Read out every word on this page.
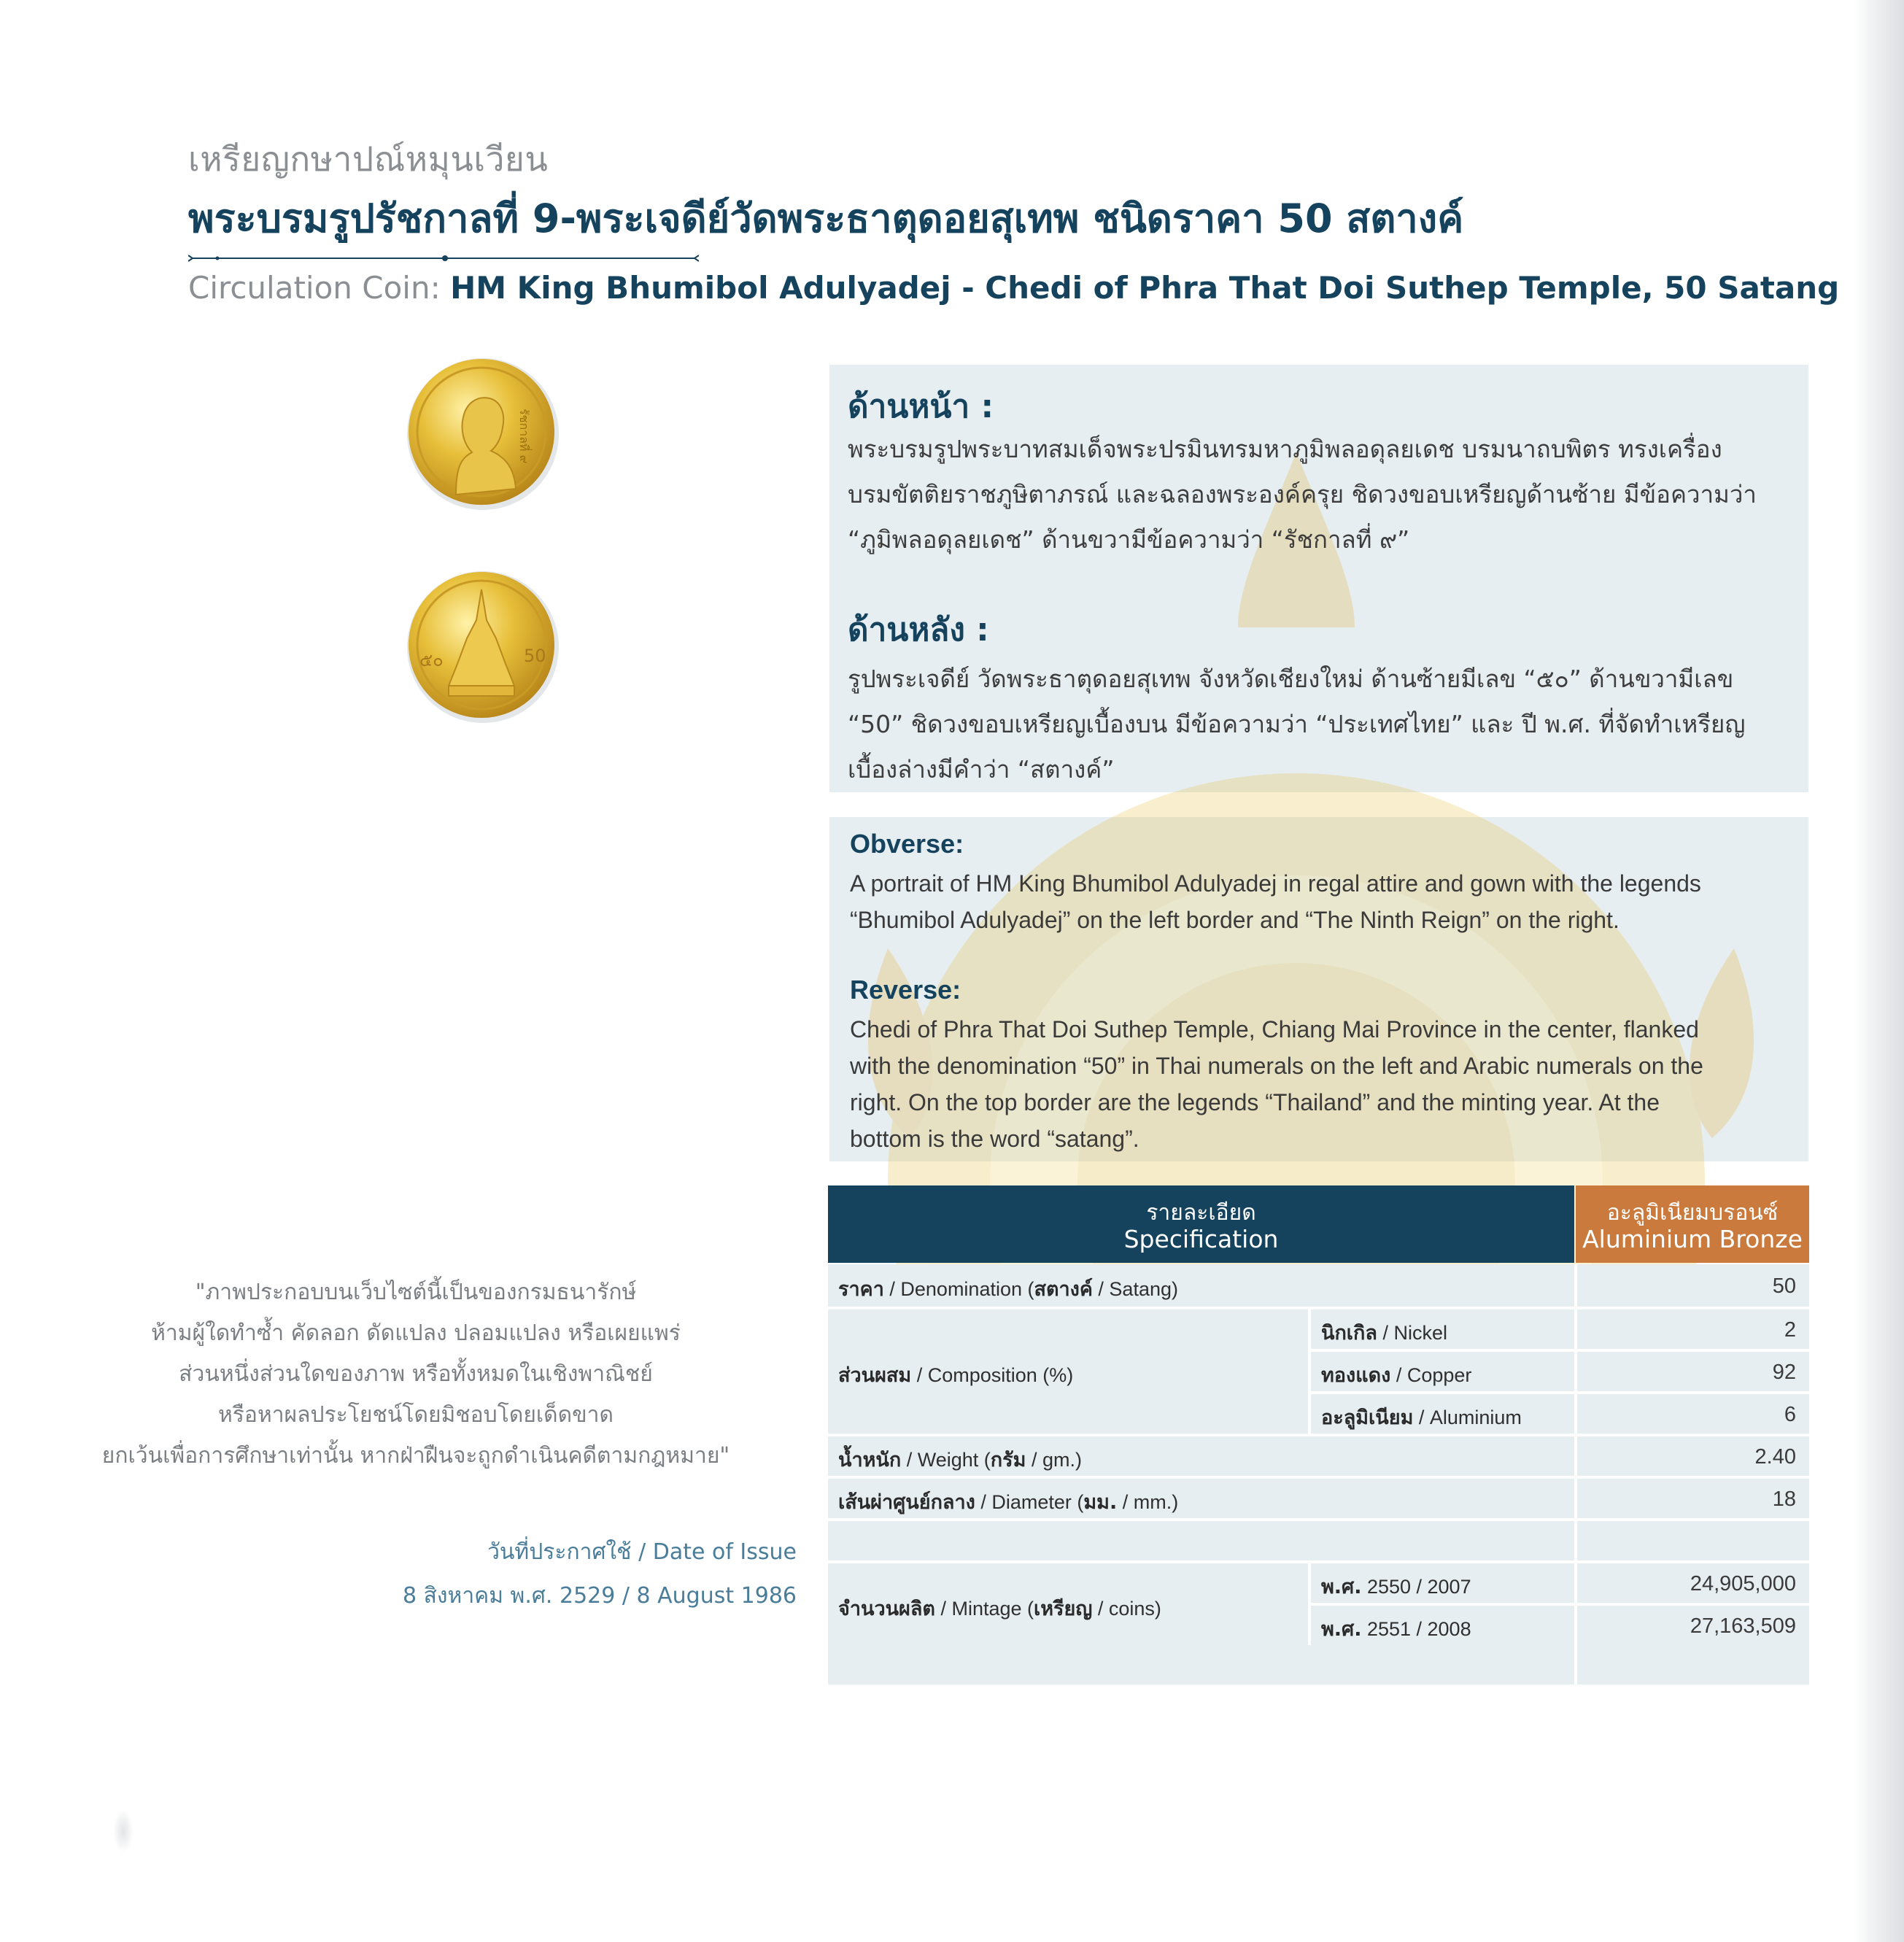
เหรียญกษาปณ์หมุนเวียน
พระบรมรูปรัชกาลที่ 9-พระเจดีย์วัดพระธาตุดอยสุเทพ ชนิดราคา 50 สตางค์
Circulation Coin: HM King Bhumibol Adulyadej - Chedi of Phra That Doi Suthep Temple, 50 Satang
รัชกาลที่ ๙
๕๐	50
ด้านหน้า :
พระบรมรูปพระบาทสมเด็จพระปรมินทรมหาภูมิพลอดุลยเดช บรมนาถบพิตร ทรงเครื่อง
บรมขัตติยราชภูษิตาภรณ์ และฉลองพระองค์ครุย ชิดวงขอบเหรียญด้านซ้าย มีข้อความว่า
“ภูมิพลอดุลยเดช” ด้านขวามีข้อความว่า “รัชกาลที่ ๙”
ด้านหลัง :
รูปพระเจดีย์ วัดพระธาตุดอยสุเทพ จังหวัดเชียงใหม่ ด้านซ้ายมีเลข “๕๐” ด้านขวามีเลข
“50” ชิดวงขอบเหรียญเบื้องบน มีข้อความว่า “ประเทศไทย” และ ปี พ.ศ. ที่จัดทำเหรียญ
เบื้องล่างมีคำว่า “สตางค์”
Obverse:
A portrait of HM King Bhumibol Adulyadej in regal attire and gown with the legends
“Bhumibol Adulyadej” on the left border and “The Ninth Reign” on the right.
Reverse:
Chedi of Phra That Doi Suthep Temple, Chiang Mai Province in the center, flanked
with the denomination “50” in Thai numerals on the left and Arabic numerals on the
right. On the top border are the legends “Thailand” and the minting year. At the
bottom is the word “satang”.
รายละเอียด
Specification
อะลูมิเนียมบรอนซ์
Aluminium Bronze
ราคา / Denomination (สตางค์ / Satang)	50
ส่วนผสม / Composition (%)
นิกเกิล / Nickel	2
ทองแดง / Copper	92
อะลูมิเนียม / Aluminium	6
น้ำหนัก / Weight (กรัม / gm.)	2.40
เส้นผ่าศูนย์กลาง / Diameter (มม. / mm.)	18
จำนวนผลิต / Mintage (เหรียญ / coins)
พ.ศ. 2550 / 2007	24,905,000
พ.ศ. 2551 / 2008	27,163,509
"ภาพประกอบบนเว็บไซต์นี้เป็นของกรมธนารักษ์
ห้ามผู้ใดทำซ้ำ คัดลอก ดัดแปลง ปลอมแปลง หรือเผยแพร่
ส่วนหนึ่งส่วนใดของภาพ หรือทั้งหมดในเชิงพาณิชย์
หรือหาผลประโยชน์โดยมิชอบโดยเด็ดขาด
ยกเว้นเพื่อการศึกษาเท่านั้น หากฝ่าฝืนจะถูกดำเนินคดีตามกฎหมาย"
วันที่ประกาศใช้ / Date of Issue
8 สิงหาคม พ.ศ. 2529 / 8 August 1986
